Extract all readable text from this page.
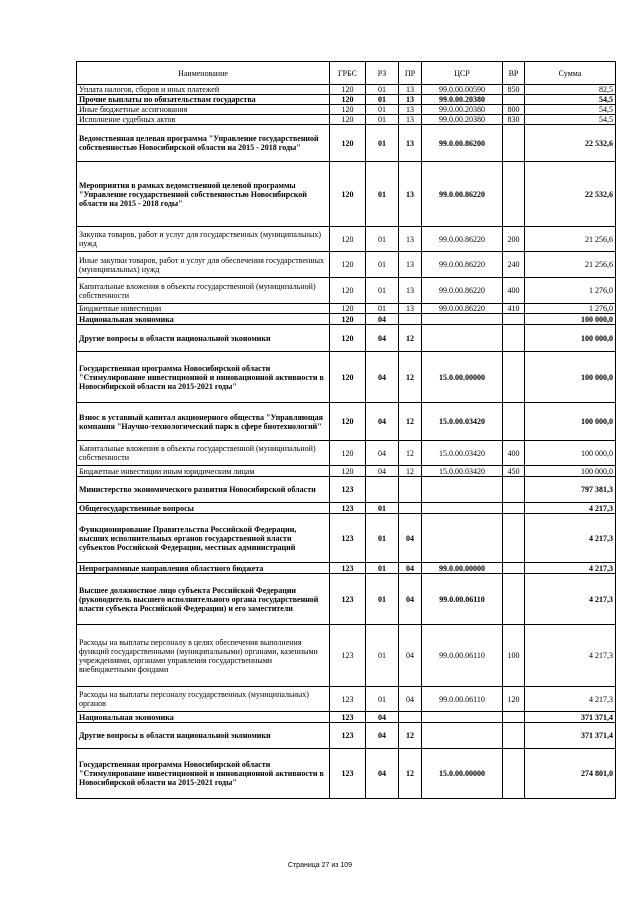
Наименование	ГРБС	РЗ	ПР	ЦСР	ВР	Сумма
Уплата налогов, сборов и иных платежей	120	01	13	99.0.00.00590	850	82,5
Прочие выплаты по обязательствам государства	120	01	13	99.0.00.20380		54,5
Иные бюджетные ассигнования	120	01	13	99.0.00.20380	800	54,5
Исполнение судебных актов	120	01	13	99.0.00.20380	830	54,5
Ведомственная целевая программа "Управление государственной собственностью Новосибирской области на 2015 - 2018 годы"	120	01	13	99.0.00.86200		22 532,6
Мероприятия в рамках ведомственной целевой программы "Управление государственной собственностью Новосибирской области на 2015 - 2018 годы"	120	01	13	99.0.00.86220		22 532,6
Закупка товаров, работ и услуг для государственных (муниципальных) нужд	120	01	13	99.0.00.86220	200	21 256,6
Иные закупки товаров, работ и услуг для обеспечения государственных (муниципальных) нужд	120	01	13	99.0.00.86220	240	21 256,6
Капитальные вложения в объекты государственной (муниципальной) собственности	120	01	13	99.0.00.86220	400	1 276,0
Бюджетные инвестиции	120	01	13	99.0.00.86220	410	1 276,0
Национальная экономика	120	04				100 000,0
Другие вопросы в области национальной экономики	120	04	12			100 000,0
Государственная программа Новосибирской области "Стимулирование инвестиционной и инновационной активности в Новосибирской области на 2015-2021 годы"	120	04	12	15.0.00.00000		100 000,0
Взнос в уставный капитал акционерного общества "Управляющая компания "Научно-технологический парк в сфере биотехнологий"	120	04	12	15.0.00.03420		100 000,0
Капитальные вложения в объекты государственной (муниципальной) собственности	120	04	12	15.0.00.03420	400	100 000,0
Бюджетные инвестиции иным юридическим лицам	120	04	12	15.0.00.03420	450	100 000,0
Министерство экономического развития Новосибирской области	123					797 381,3
Общегосударственные вопросы	123	01				4 217,3
Функционирование Правительства Российской Федерации, высших исполнительных органов государственной власти субъектов Российской Федерации, местных администраций	123	01	04			4 217,3
Непрограммные направления областного бюджета	123	01	04	99.0.00.00000		4 217,3
Высшее должностное лицо субъекта Российской Федерации (руководитель высшего исполнительного органа государственной власти субъекта Российской Федерации) и его заместители	123	01	04	99.0.00.06110		4 217,3
Расходы на выплаты персоналу в целях обеспечения выполнения функций государственными (муниципальными) органами, казенными учреждениями, органами управления государственными внебюджетными фондами	123	01	04	99.0.00.06110	100	4 217,3
Расходы на выплаты персоналу государственных (муниципальных) органов	123	01	04	99.0.00.06110	120	4 217,3
Национальная экономика	123	04				371 371,4
Другие вопросы в области национальной экономики	123	04	12			371 371,4
Государственная программа Новосибирской области "Стимулирование инвестиционной и инновационной активности в Новосибирской области на 2015-2021 годы"	123	04	12	15.0.00.00000		274 801,0
Страница 27 из 109
